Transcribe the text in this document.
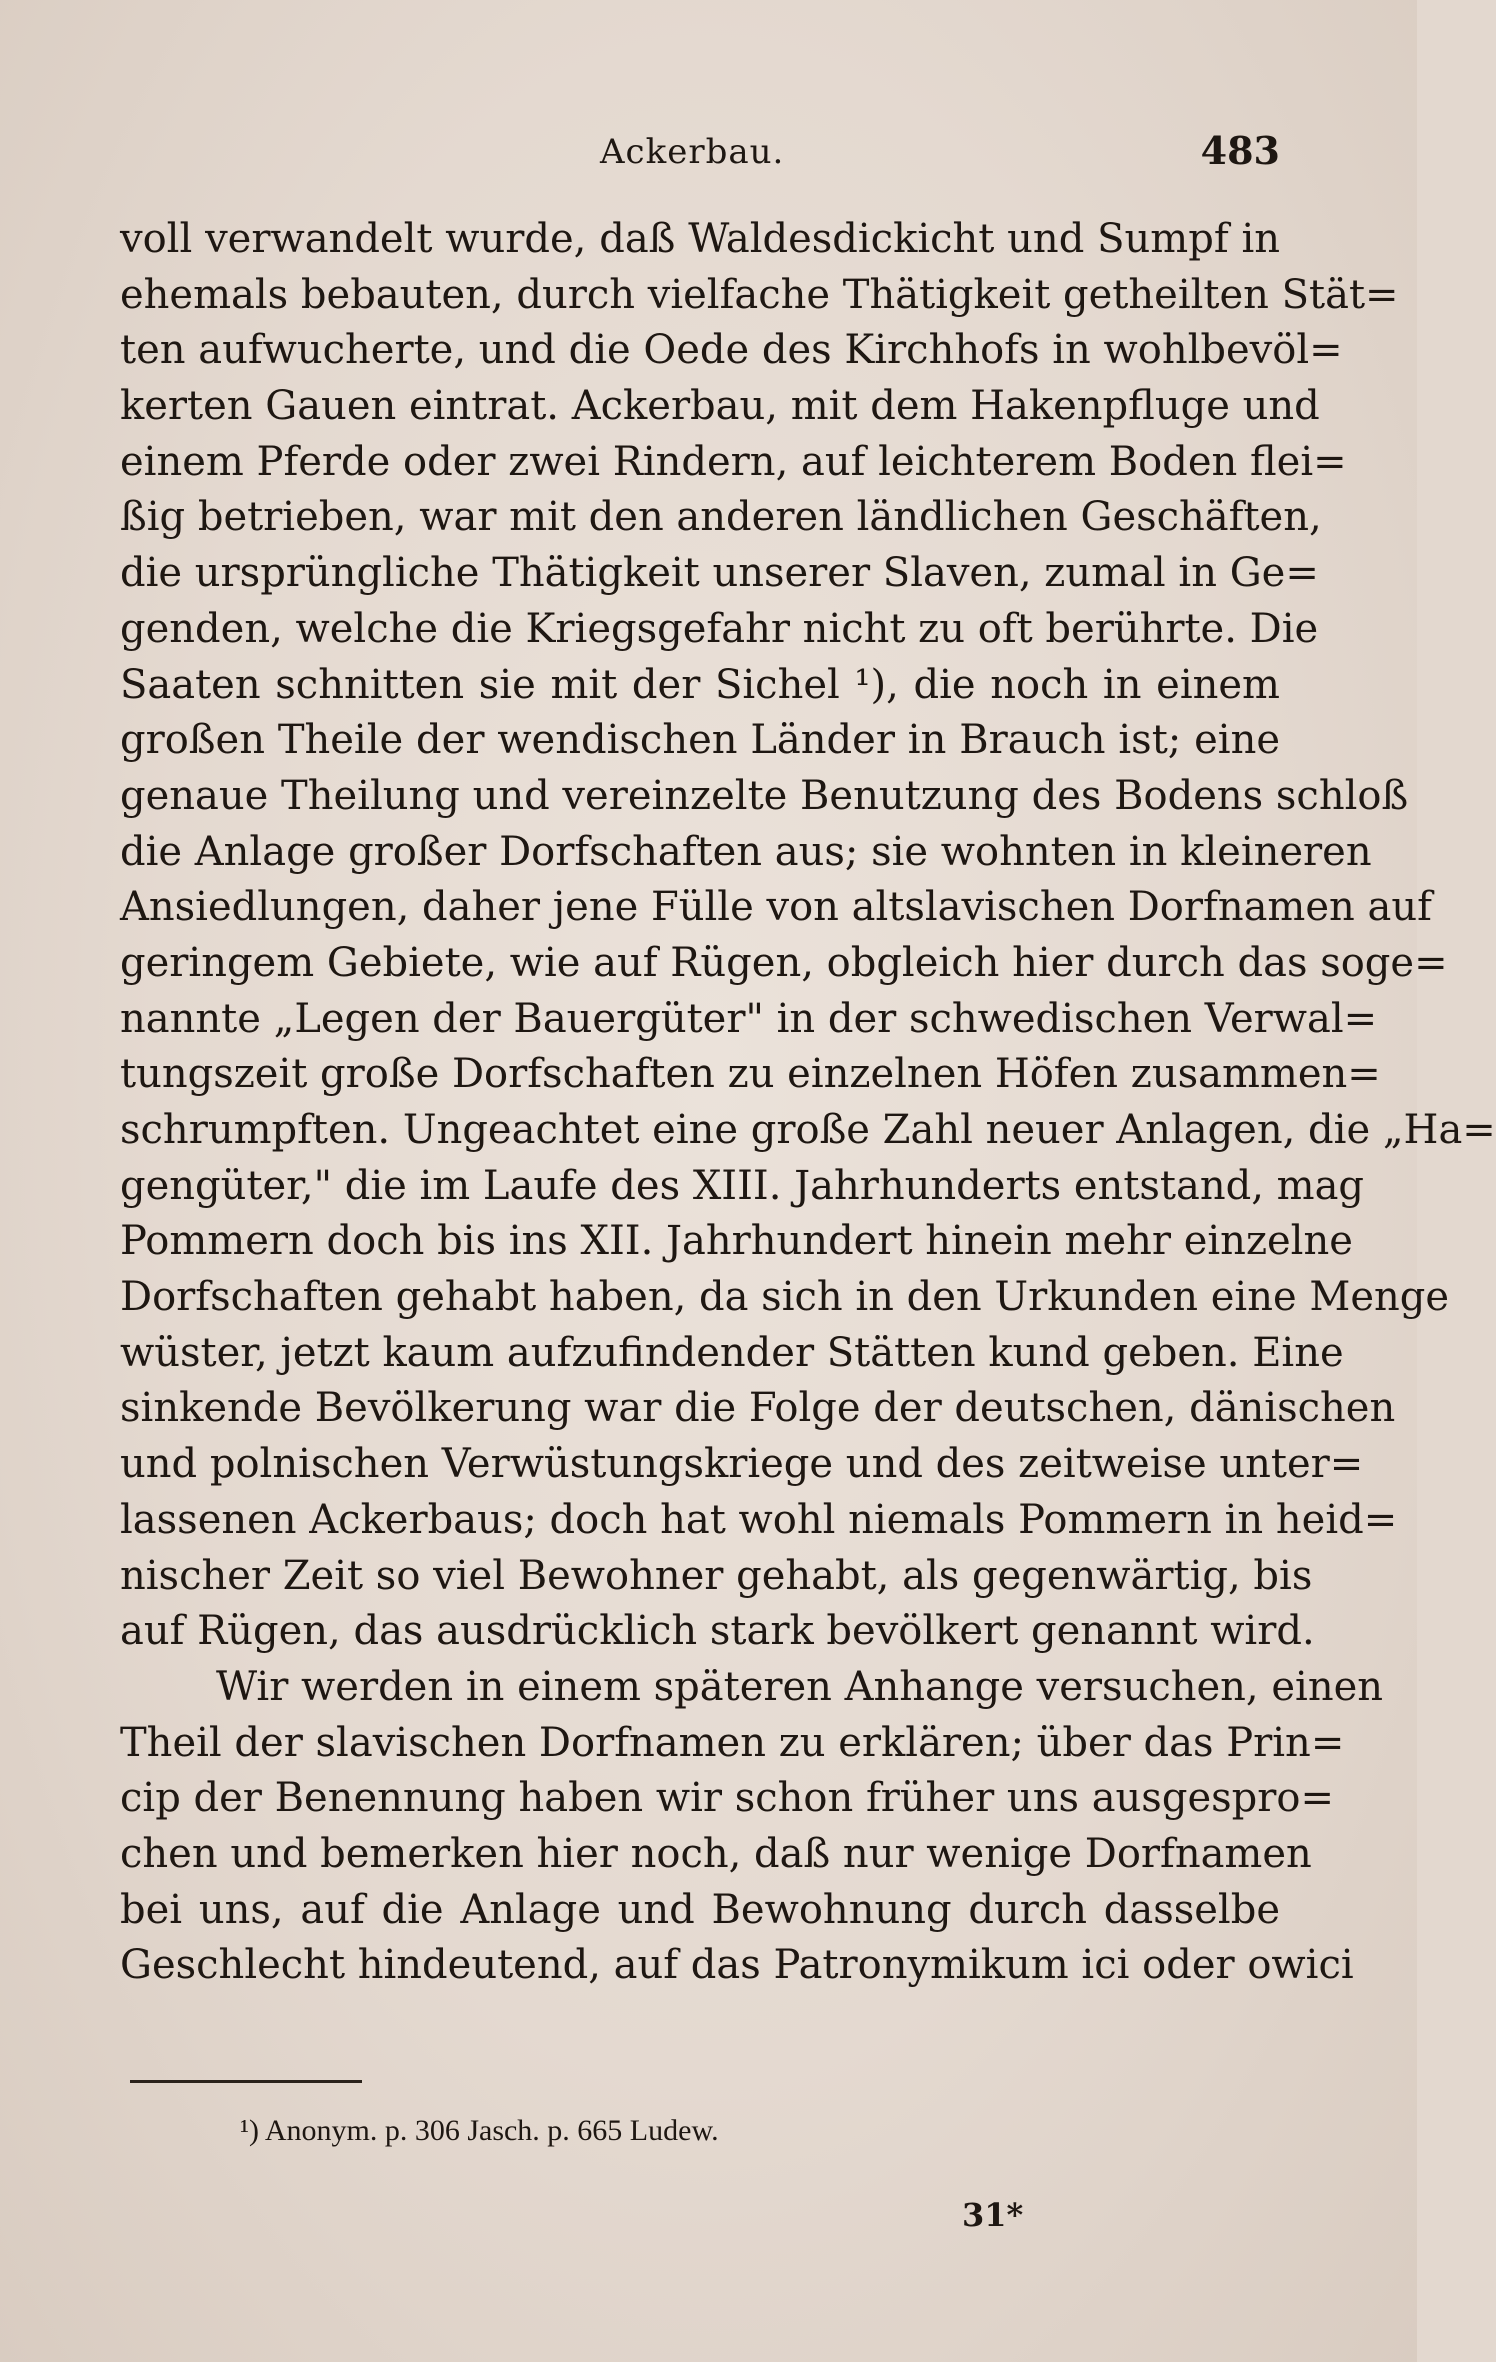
Ackerbau.	483
voll verwandelt wurde, daß Waldesdickicht und Sumpf in
ehemals bebauten, durch vielfache Thätigkeit getheilten Stät=
ten aufwucherte, und die Oede des Kirchhofs in wohlbevöl=
kerten Gauen eintrat. Ackerbau, mit dem Hakenpfluge und
einem Pferde oder zwei Rindern, auf leichterem Boden flei=
ßig betrieben, war mit den anderen ländlichen Geschäften,
die ursprüngliche Thätigkeit unserer Slaven, zumal in Ge=
genden, welche die Kriegsgefahr nicht zu oft berührte. Die
Saaten schnitten sie mit der Sichel ¹), die noch in einem
großen Theile der wendischen Länder in Brauch ist; eine
genaue Theilung und vereinzelte Benutzung des Bodens schloß
die Anlage großer Dorfschaften aus; sie wohnten in kleineren
Ansiedlungen, daher jene Fülle von altslavischen Dorfnamen auf
geringem Gebiete, wie auf Rügen, obgleich hier durch das soge=
nannte „Legen der Bauergüter" in der schwedischen Verwal=
tungszeit große Dorfschaften zu einzelnen Höfen zusammen=
schrumpften. Ungeachtet eine große Zahl neuer Anlagen, die „Ha=
gengüter," die im Laufe des XIII. Jahrhunderts entstand, mag
Pommern doch bis ins XII. Jahrhundert hinein mehr einzelne
Dorfschaften gehabt haben, da sich in den Urkunden eine Menge
wüster, jetzt kaum aufzufindender Stätten kund geben. Eine
sinkende Bevölkerung war die Folge der deutschen, dänischen
und polnischen Verwüstungskriege und des zeitweise unter=
lassenen Ackerbaus; doch hat wohl niemals Pommern in heid=
nischer Zeit so viel Bewohner gehabt, als gegenwärtig, bis
auf Rügen, das ausdrücklich stark bevölkert genannt wird.
Wir werden in einem späteren Anhange versuchen, einen
Theil der slavischen Dorfnamen zu erklären; über das Prin=
cip der Benennung haben wir schon früher uns ausgespro=
chen und bemerken hier noch, daß nur wenige Dorfnamen
bei uns, auf die Anlage und Bewohnung durch dasselbe
Geschlecht hindeutend, auf das Patronymikum ici oder owici
¹) Anonym. p. 306 Jasch. p. 665 Ludew.
31*
